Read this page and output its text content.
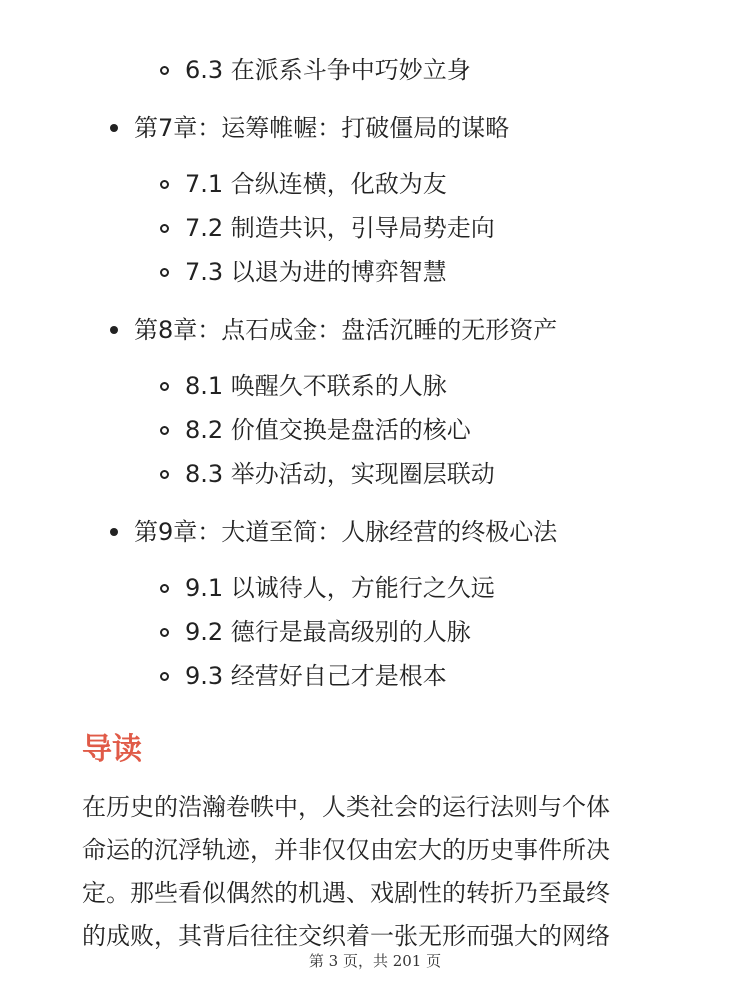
6.3 在派系斗争中巧妙立身
第7章：运筹帷幄：打破僵局的谋略
7.1 合纵连横，化敌为友
7.2 制造共识，引导局势走向
7.3 以退为进的博弈智慧
第8章：点石成金：盘活沉睡的无形资产
8.1 唤醒久不联系的人脉
8.2 价值交换是盘活的核心
8.3 举办活动，实现圈层联动
第9章：大道至简：人脉经营的终极心法
9.1 以诚待人，方能行之久远
9.2 德行是最高级别的人脉
9.3 经营好自己才是根本
导读
在历史的浩瀚卷帙中，人类社会的运行法则与个体
命运的沉浮轨迹，并非仅仅由宏大的历史事件所决
定。那些看似偶然的机遇、戏剧性的转折乃至最终
的成败，其背后往往交织着一张无形而强大的网络
第 3 页，共 201 页
